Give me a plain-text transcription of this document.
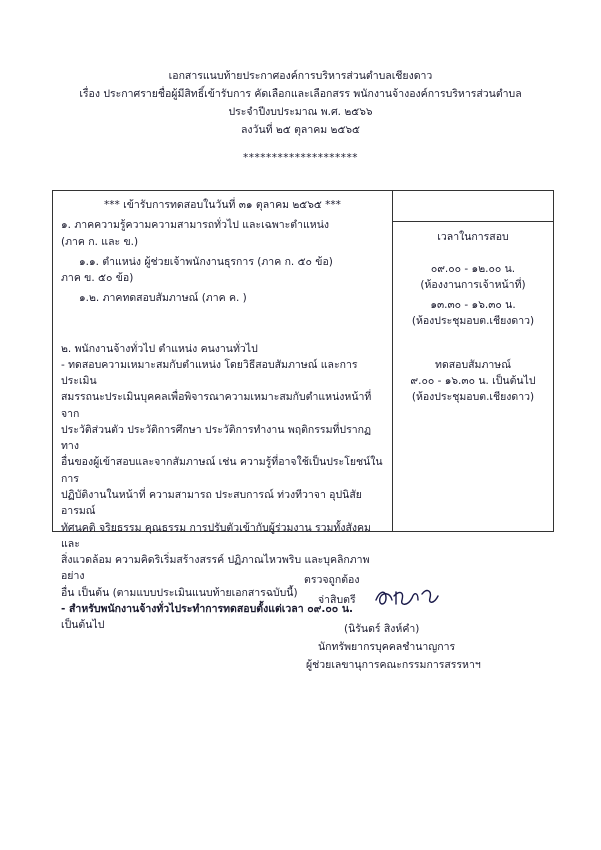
เอกสารแนบท้ายประกาศองค์การบริหารส่วนตำบลเชียงดาว
เรื่อง ประกาศรายชื่อผู้มีสิทธิ์เข้ารับการ คัดเลือกและเลือกสรร พนักงานจ้างองค์การบริหารส่วนตำบล
ประจำปีงบประมาณ พ.ศ. ๒๕๖๖
ลงวันที่ ๒๕ ตุลาคม ๒๕๖๕
********************
*** เข้ารับการทดสอบในวันที่ ๓๑ ตุลาคม ๒๕๖๕ ***
๑. ภาคความรู้ความความสามารถทั่วไป และเฉพาะตำแหน่ง
(ภาค ก. และ ข.)
๑.๑. ตำแหน่ง ผู้ช่วยเจ้าพนักงานธุรการ (ภาค ก. ๕๐ ข้อ)
ภาค ข. ๕๐ ข้อ)
๑.๒. ภาคทดสอบสัมภาษณ์ (ภาค ค. )
๒. พนักงานจ้างทั่วไป ตำแหน่ง คนงานทั่วไป
- ทดสอบความเหมาะสมกับตำแหน่ง โดยวิธีสอบสัมภาษณ์ และการประเมิน
สมรรถนะประเมินบุคคลเพื่อพิจารณาความเหมาะสมกับตำแหน่งหน้าที่จาก
ประวัติส่วนตัว ประวัติการศึกษา ประวัติการทำงาน พฤติกรรมที่ปรากฏทาง
อื่นของผู้เข้าสอบและจากสัมภาษณ์ เช่น ความรู้ที่อาจใช้เป็นประโยชน์ในการ
ปฏิบัติงานในหน้าที่ ความสามารถ ประสบการณ์ ท่วงทีวาจา อุปนิสัย อารมณ์
ทัศนคติ จริยธรรม คุณธรรม การปรับตัวเข้ากับผู้ร่วมงาน รวมทั้งสังคมและ
สิ่งแวดล้อม ความคิดริเริ่มสร้างสรรค์ ปฏิภาณไหวพริบ และบุคลิกภาพ อย่าง
อื่น เป็นต้น (ตามแบบประเมินแนบท้ายเอกสารฉบับนี้)
- สำหรับพนักงานจ้างทั่วไประทำการทดสอบตั้งแต่เวลา ๐๙.๐๐ น.
เป็นต้นไป
เวลาในการสอบ
๐๙.๐๐ - ๑๒.๐๐ น.
(ห้องงานการเจ้าหน้าที่)
๑๓.๓๐ - ๑๖.๓๐ น.
(ห้องประชุมอบต.เชียงดาว)
ทดสอบสัมภาษณ์
๙.๐๐ - ๑๖.๓๐ น. เป็นต้นไป
(ห้องประชุมอบต.เชียงดาว)
ตรวจถูกต้อง
จ่าสิบตรี
(นิรันดร์ สิงห์คำ)
นักทรัพยากรบุคคลชำนาญการ
ผู้ช่วยเลขานุการคณะกรรมการสรรหาฯ
